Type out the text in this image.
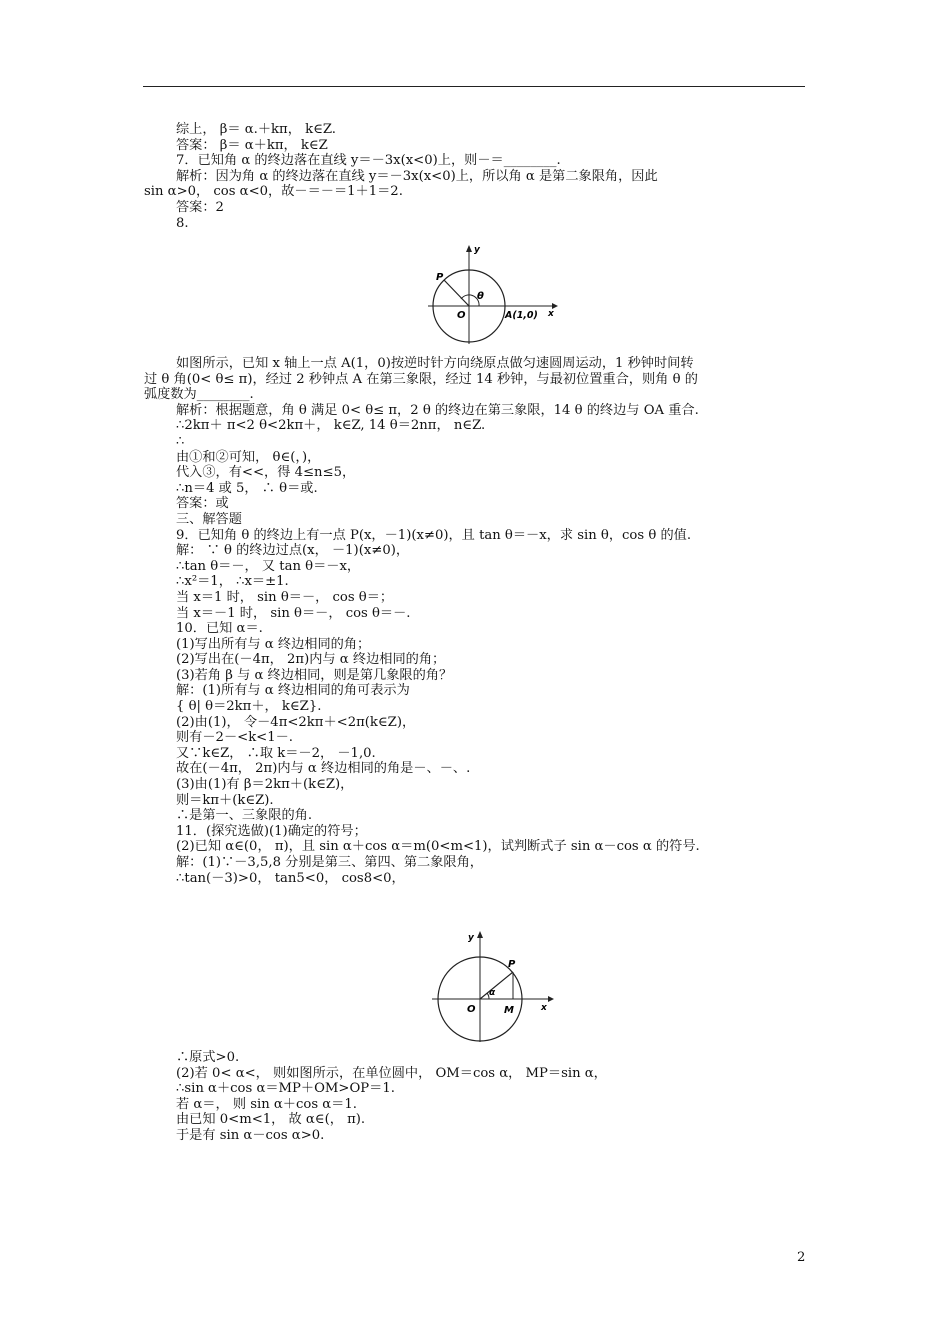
综上， β＝ α.＋kπ， k∈Z.
答案： β＝ α＋kπ， k∈Z
7．已知角 α 的终边落在直线 y＝－3x(x<0)上，则－＝________.
解析：因为角 α 的终边落在直线 y＝－3x(x<0)上，所以角 α 是第二象限角，因此
sin α>0， cos α<0，故－＝－＝1＋1＝2.
答案：2
8.
y
x
P
O
θ
A(1,0)
如图所示，已知 x 轴上一点 A(1，0)按逆时针方向绕原点做匀速圆周运动，1 秒钟时间转
过 θ 角(0< θ≤ π)，经过 2 秒钟点 A 在第三象限，经过 14 秒钟，与最初位置重合，则角 θ 的
弧度数为________.
解析：根据题意，角 θ 满足 0< θ≤ π，2 θ 的终边在第三象限，14 θ 的终边与 OA 重合.
∴2kπ＋ π<2 θ<2kπ＋， k∈Z, 14 θ＝2nπ， n∈Z.
∴
由①和②可知， θ∈(，)，
代入③，有<<，得 4≤n≤5，
∴n＝4 或 5， ∴ θ＝或.
答案：或
三、解答题
9．已知角 θ 的终边上有一点 P(x，－1)(x≠0)，且 tan θ＝－x，求 sin θ，cos θ 的值.
解： ∵ θ 的终边过点(x， －1)(x≠0)，
∴tan θ＝－， 又 tan θ＝－x，
∴x²＝1， ∴x＝±1.
当 x＝1 时， sin θ＝－， cos θ＝；
当 x＝－1 时， sin θ＝－， cos θ＝－.
10．已知 α＝.
(1)写出所有与 α 终边相同的角；
(2)写出在(－4π， 2π)内与 α 终边相同的角；
(3)若角 β 与 α 终边相同，则是第几象限的角？
解：(1)所有与 α 终边相同的角可表示为
{ θ| θ＝2kπ＋， k∈Z}.
(2)由(1)， 令－4π<2kπ＋<2π(k∈Z)，
则有－2－<k<1－.
又∵k∈Z， ∴取 k＝－2， －1,0.
故在(－4π， 2π)内与 α 终边相同的角是－、－、.
(3)由(1)有 β＝2kπ＋(k∈Z)，
则＝kπ＋(k∈Z).
∴是第一、三象限的角.
11．(探究选做)(1)确定的符号；
(2)已知 α∈(0， π)，且 sin α＋cos α＝m(0<m<1)，试判断式子 sin α－cos α 的符号.
解：(1)∵－3,5,8 分别是第三、第四、第二象限角，
∴tan(－3)>0， tan5<0， cos8<0，
y
x
P
O	M
α
∴原式>0.
(2)若 0< α<， 则如图所示，在单位圆中， OM＝cos α， MP＝sin α，
∴sin α＋cos α＝MP＋OM>OP＝1.
若 α＝， 则 sin α＋cos α＝1.
由已知 0<m<1， 故 α∈(， π).
于是有 sin α－cos α>0.
2
